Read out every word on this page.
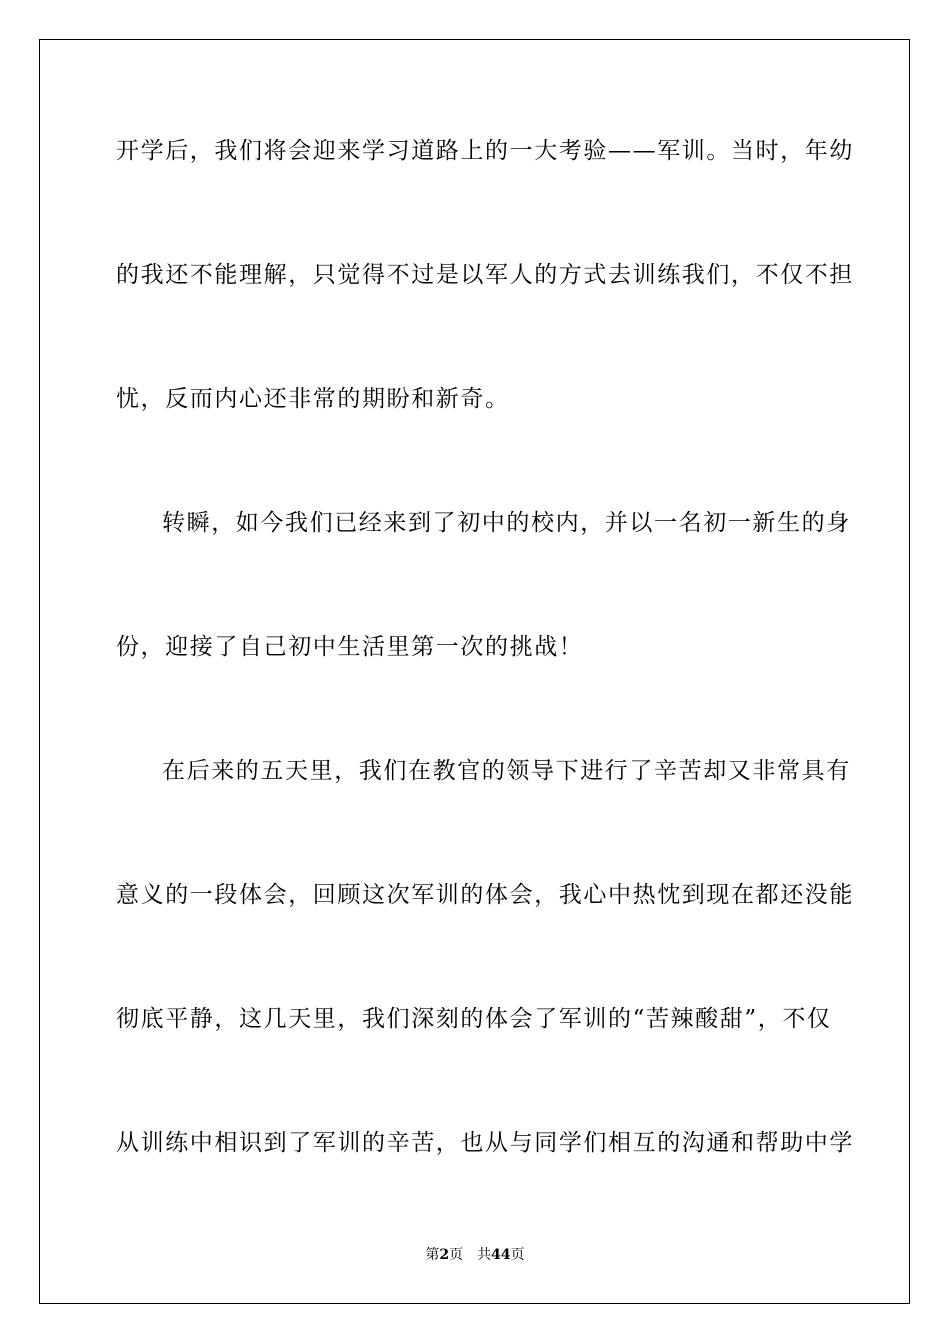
开学后，我们将会迎来学习道路上的一大考验——军训。当时，年幼
的我还不能理解，只觉得不过是以军人的方式去训练我们，不仅不担
忧，反而内心还非常的期盼和新奇。
转瞬，如今我们已经来到了初中的校内，并以一名初一新生的身
份，迎接了自己初中生活里第一次的挑战！
在后来的五天里，我们在教官的领导下进行了辛苦却又非常具有
意义的一段体会，回顾这次军训的体会，我心中热忱到现在都还没能
彻底平静，这几天里，我们深刻的体会了军训的“苦辣酸甜”，不仅
从训练中相识到了军训的辛苦，也从与同学们相互的沟通和帮助中学
第2页 共44页
